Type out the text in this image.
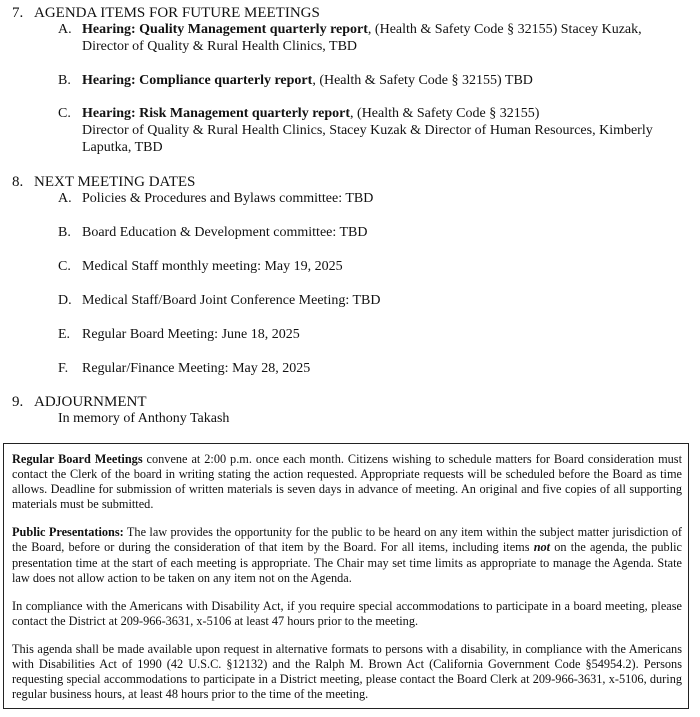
7. AGENDA ITEMS FOR FUTURE MEETINGS
A. Hearing: Quality Management quarterly report, (Health & Safety Code § 32155) Stacey Kuzak,
Director of Quality & Rural Health Clinics, TBD
B. Hearing: Compliance quarterly report, (Health & Safety Code § 32155) TBD
C. Hearing: Risk Management quarterly report, (Health & Safety Code § 32155)
Director of Quality & Rural Health Clinics, Stacey Kuzak & Director of Human Resources, Kimberly
Laputka, TBD
8. NEXT MEETING DATES
A. Policies & Procedures and Bylaws committee: TBD
B. Board Education & Development committee: TBD
C. Medical Staff monthly meeting: May 19, 2025
D. Medical Staff/Board Joint Conference Meeting: TBD
E. Regular Board Meeting: June 18, 2025
F. Regular/Finance Meeting: May 28, 2025
9. ADJOURNMENT
In memory of Anthony Takash

Regular Board Meetings convene at 2:00 p.m. once each month. Citizens wishing to schedule matters for Board consideration must contact the Clerk of the board in writing stating the action requested. Appropriate requests will be scheduled before the Board as time allows. Deadline for submission of written materials is seven days in advance of meeting. An original and five copies of all supporting materials must be submitted.

Public Presentations: The law provides the opportunity for the public to be heard on any item within the subject matter jurisdiction of the Board, before or during the consideration of that item by the Board. For all items, including items not on the agenda, the public presentation time at the start of each meeting is appropriate. The Chair may set time limits as appropriate to manage the Agenda. State law does not allow action to be taken on any item not on the Agenda.

In compliance with the Americans with Disability Act, if you require special accommodations to participate in a board meeting, please contact the District at 209-966-3631, x-5106 at least 47 hours prior to the meeting.

This agenda shall be made available upon request in alternative formats to persons with a disability, in compliance with the Americans with Disabilities Act of 1990 (42 U.S.C. §12132) and the Ralph M. Brown Act (California Government Code §54954.2). Persons requesting special accommodations to participate in a District meeting, please contact the Board Clerk at 209-966-3631, x-5106, during regular business hours, at least 48 hours prior to the time of the meeting.
